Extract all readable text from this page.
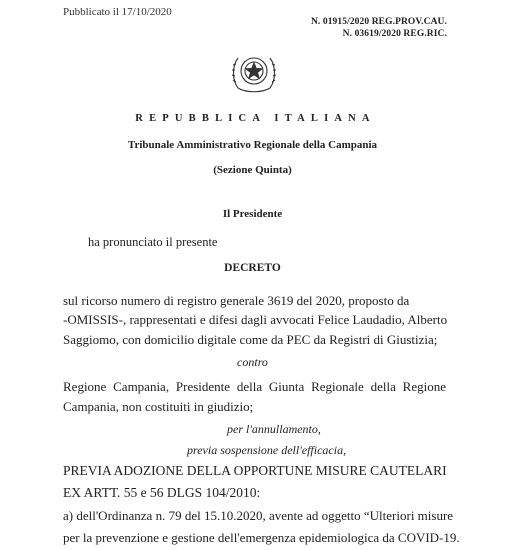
Pubblicato il 17/10/2020
N. 01915/2020 REG.PROV.CAU.
N. 03619/2020 REG.RIC.
REPUBBLICA ITALIANA
Tribunale Amministrativo Regionale della Campania
(Sezione Quinta)
Il Presidente
ha pronunciato il presente
DECRETO
sul ricorso numero di registro generale 3619 del 2020, proposto da
-OMISSIS-, rappresentati e difesi dagli avvocati Felice Laudadio, Alberto
Saggiomo, con domicilio digitale come da PEC da Registri di Giustizia;
contro
Regione Campania, Presidente della Giunta Regionale della Regione
Campania, non costituiti in giudizio;
per l'annullamento,
previa sospensione dell'efficacia,
PREVIA ADOZIONE DELLA OPPORTUNE MISURE CAUTELARI
EX ARTT. 55 e 56 DLGS 104/2010:
a) dell'Ordinanza n. 79 del 15.10.2020, avente ad oggetto “Ulteriori misure
per la prevenzione e gestione dell'emergenza epidemiologica da COVID-19.
